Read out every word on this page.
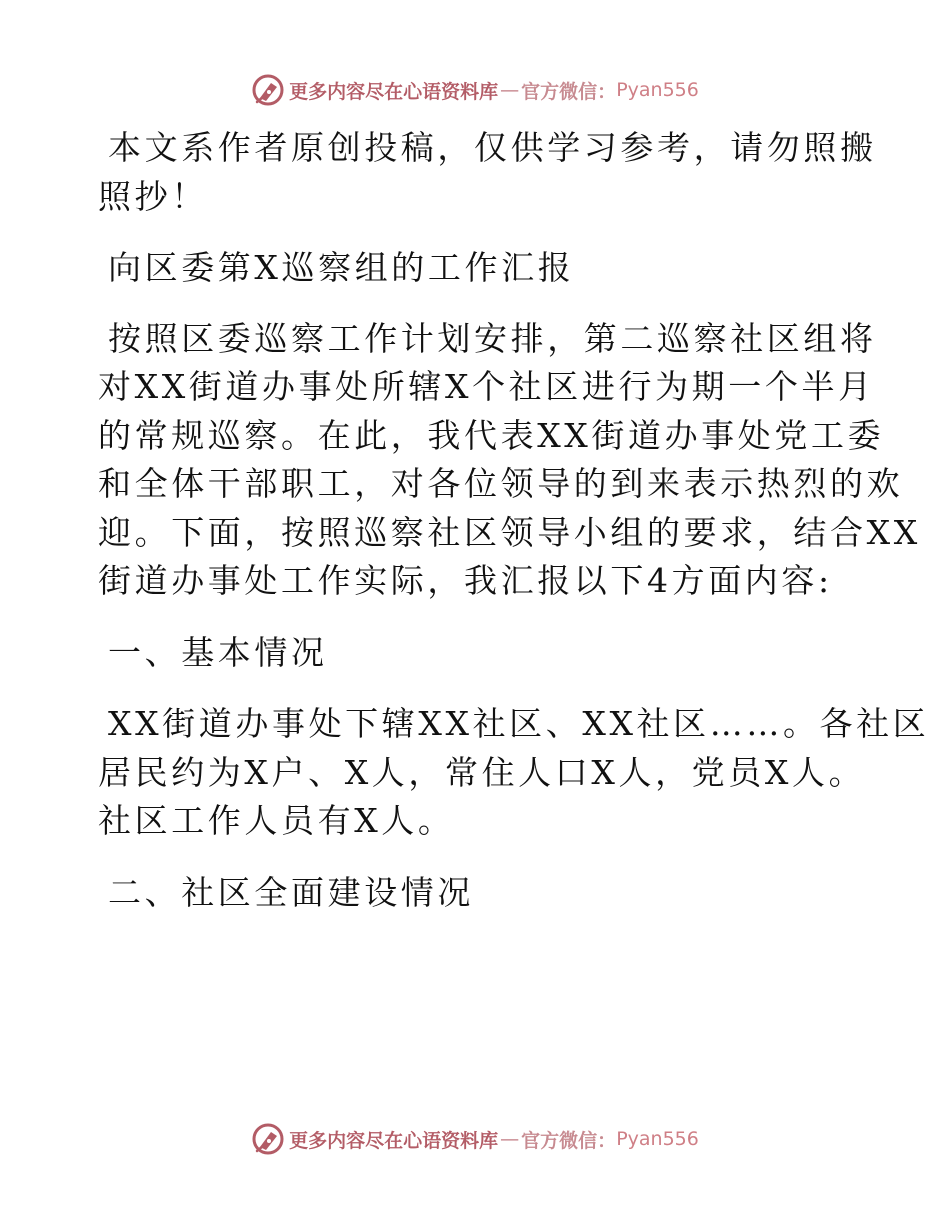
更多内容尽在心语资料库 — 官方微信： Pyan556

本文系作者原创投稿，仅供学习参考，请勿照搬
照抄！

向区委第X巡察组的工作汇报

按照区委巡察工作计划安排，第二巡察社区组将
对XX街道办事处所辖X个社区进行为期一个半月
的常规巡察。在此，我代表XX街道办事处党工委
和全体干部职工，对各位领导的到来表示热烈的欢
迎。下面，按照巡察社区领导小组的要求，结合XX
街道办事处工作实际，我汇报以下4方面内容:

一、基本情况

XX街道办事处下辖XX社区、XX社区……。各社区
居民约为X户、X人，常住人口X人，党员X人。
社区工作人员有X人。

二、社区全面建设情况

更多内容尽在心语资料库 — 官方微信： Pyan556
